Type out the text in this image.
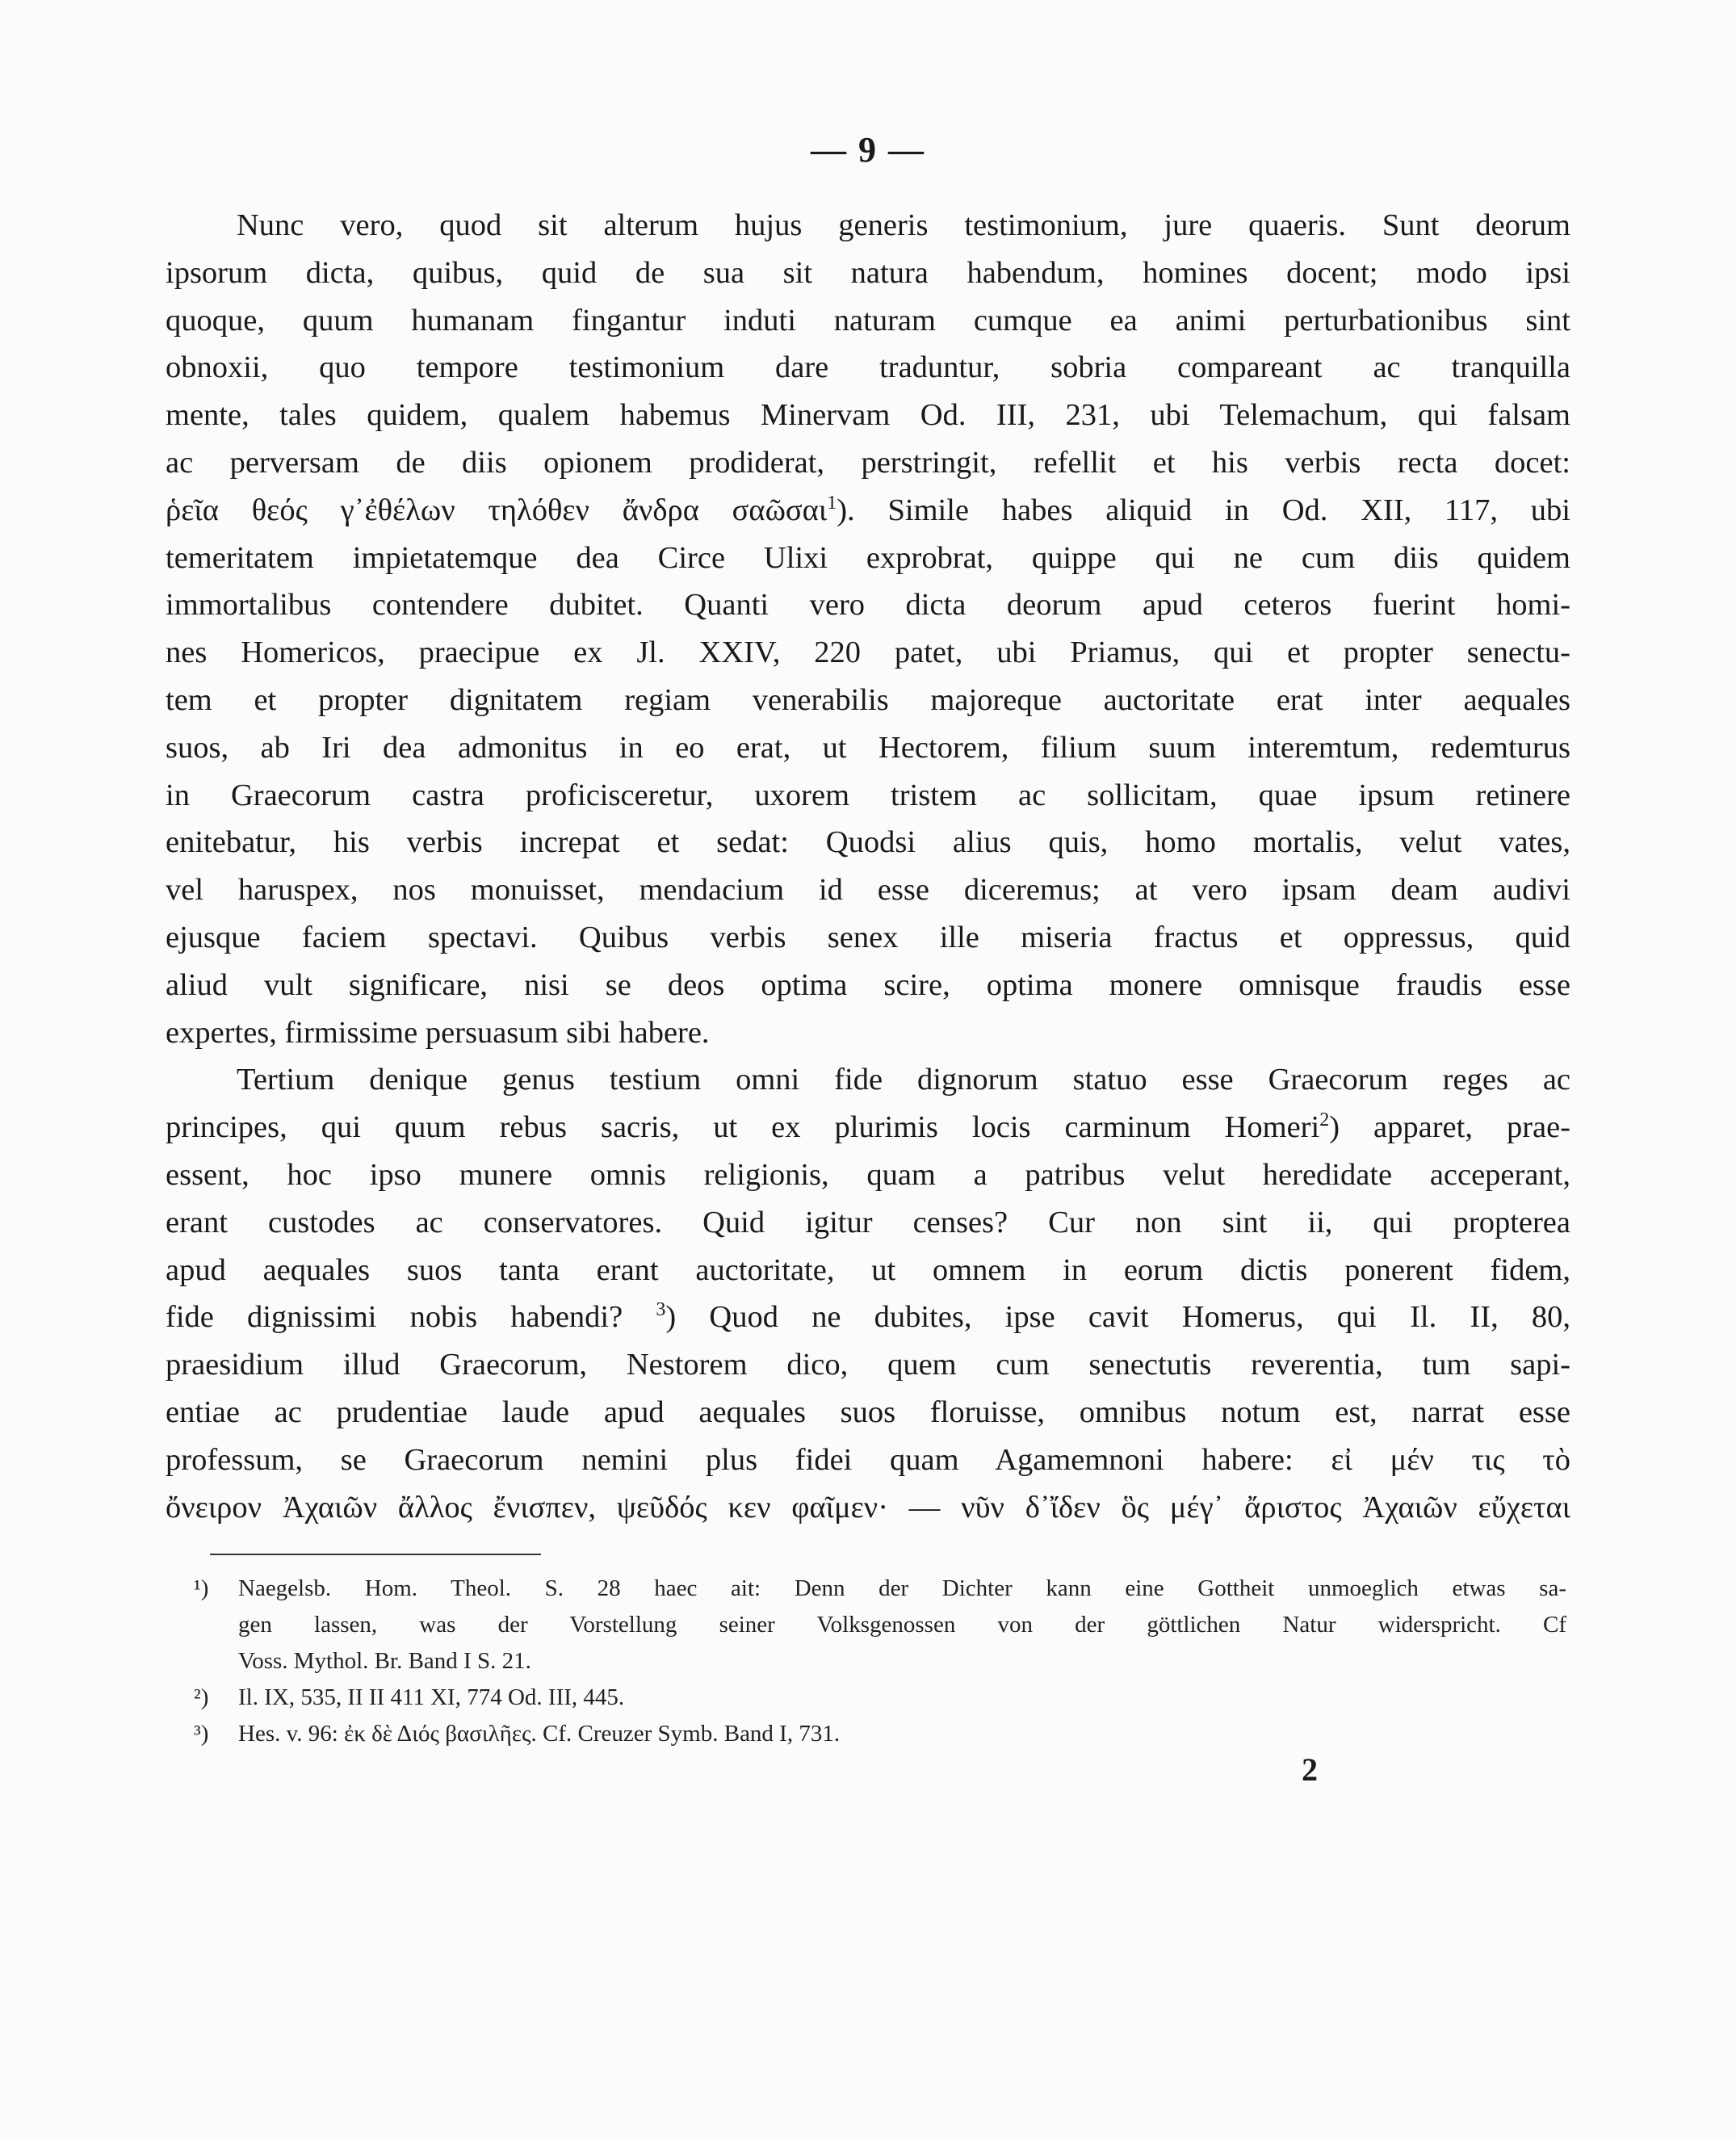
— 9 —
Nunc vero, quod sit alterum hujus generis testimonium, jure quaeris. Sunt deorum
ipsorum dicta, quibus, quid de sua sit natura habendum, homines docent; modo ipsi
quoque, quum humanam fingantur induti naturam cumque ea animi perturbationibus sint
obnoxii, quo tempore testimonium dare traduntur, sobria compareant ac tranquilla
mente, tales quidem, qualem habemus Minervam Od. III, 231, ubi Telemachum, qui falsam
ac perversam de diis opionem prodiderat, perstringit, refellit et his verbis recta docet:
ῥεῖα θεός γ᾽ἐθέλων τηλόθεν ἄνδρα σαῶσαι$^1$). Simile habes aliquid in Od. XII, 117, ubi
temeritatem impietatemque dea Circe Ulixi exprobrat, quippe qui ne cum diis quidem
immortalibus contendere dubitet. Quanti vero dicta deorum apud ceteros fuerint homi-
nes Homericos, praecipue ex Jl. XXIV, 220 patet, ubi Priamus, qui et propter senectu-
tem et propter dignitatem regiam venerabilis majoreque auctoritate erat inter aequales
suos, ab Iri dea admonitus in eo erat, ut Hectorem, filium suum interemtum, redemturus
in Graecorum castra proficisceretur, uxorem tristem ac sollicitam, quae ipsum retinere
enitebatur, his verbis increpat et sedat: Quodsi alius quis, homo mortalis, velut vates,
vel haruspex, nos monuisset, mendacium id esse diceremus; at vero ipsam deam audivi
ejusque faciem spectavi. Quibus verbis senex ille miseria fractus et oppressus, quid
aliud vult significare, nisi se deos optima scire, optima monere omnisque fraudis esse
expertes, firmissime persuasum sibi habere.
Tertium denique genus testium omni fide dignorum statuo esse Graecorum reges ac
principes, qui quum rebus sacris, ut ex plurimis locis carminum Homeri$^2$) apparet, prae-
essent, hoc ipso munere omnis religionis, quam a patribus velut heredidate acceperant,
erant custodes ac conservatores. Quid igitur censes? Cur non sint ii, qui propterea
apud aequales suos tanta erant auctoritate, ut omnem in eorum dictis ponerent fidem,
fide dignissimi nobis habendi? $^3$) Quod ne dubites, ipse cavit Homerus, qui Il. II, 80,
praesidium illud Graecorum, Nestorem dico, quem cum senectutis reverentia, tum sapi-
entiae ac prudentiae laude apud aequales suos floruisse, omnibus notum est, narrat esse
professum, se Graecorum nemini plus fidei quam Agamemnoni habere: εἰ μέν τις τὸ
ὄνειρον Ἀχαιῶν ἄλλος ἔνισπεν, ψεῦδός κεν φαῖμεν· — νῦν δ᾽ἴδεν ὃς μέγ᾽ ἄριστος Ἀχαιῶν εὔχεται
¹) Naegelsb. Hom. Theol. S. 28 haec ait: Denn der Dichter kann eine Gottheit unmoeglich etwas sa-
gen lassen, was der Vorstellung seiner Volksgenossen von der göttlichen Natur widerspricht. Cf
Voss. Mythol. Br. Band I S. 21.
²) Il. IX, 535, II II 411 XI, 774 Od. III, 445.
³) Hes. v. 96: ἐκ δὲ Διός βασιλῆες. Cf. Creuzer Symb. Band I, 731.
2
